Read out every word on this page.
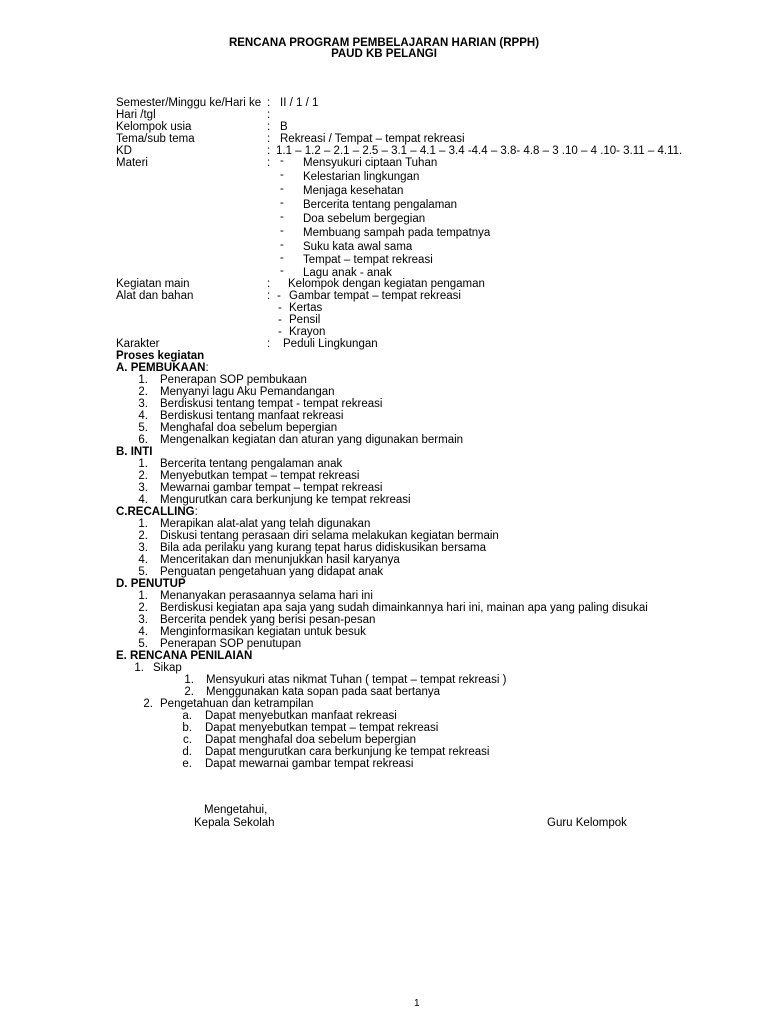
RENCANA PROGRAM PEMBELAJARAN HARIAN (RPPH)
PAUD KB PELANGI
Semester/Minggu ke/Hari ke : II / 1 / 1
Hari /tgl	:
Kelompok usia	: B
Tema/sub tema	: Rekreasi / Tempat – tempat rekreasi
KD	: 1.1 – 1.2 – 2.1 – 2.5 – 3.1 – 4.1 – 3.4 -4.4 – 3.8- 4.8 – 3 .10 – 4 .10- 3.11 – 4.11.
Materi	: - Mensyukuri ciptaan Tuhan
- Kelestarian lingkungan
- Menjaga kesehatan
- Bercerita tentang pengalaman
- Doa sebelum bergegian
- Membuang sampah pada tempatnya
- Suku kata awal sama
- Tempat – tempat rekreasi
- Lagu anak - anak
Kegiatan main	: Kelompok dengan kegiatan pengaman
Alat dan bahan	: - Gambar tempat – tempat rekreasi
- Kertas
- Pensil
- Krayon
Karakter	: Peduli Lingkungan
Proses kegiatan
A. PEMBUKAAN:
1. Penerapan SOP pembukaan
2. Menyanyi lagu Aku Pemandangan
3. Berdiskusi tentang tempat - tempat rekreasi
4. Berdiskusi tentang manfaat rekreasi
5. Menghafal doa sebelum bepergian
6. Mengenalkan kegiatan dan aturan yang digunakan bermain
B. INTI
1. Bercerita tentang pengalaman anak
2. Menyebutkan tempat – tempat rekreasi
3. Mewarnai gambar tempat – tempat rekreasi
4. Mengurutkan cara berkunjung ke tempat rekreasi
C.RECALLING:
1. Merapikan alat-alat yang telah digunakan
2. Diskusi tentang perasaan diri selama melakukan kegiatan bermain
3. Bila ada perilaku yang kurang tepat harus didiskusikan bersama
4. Menceritakan dan menunjukkan hasil karyanya
5. Penguatan pengetahuan yang didapat anak
D. PENUTUP
1. Menanyakan perasaannya selama hari ini
2. Berdiskusi kegiatan apa saja yang sudah dimainkannya hari ini, mainan apa yang paling disukai
3. Bercerita pendek yang berisi pesan-pesan
4. Menginformasikan kegiatan untuk besuk
5. Penerapan SOP penutupan
E. RENCANA PENILAIAN
1. Sikap
1. Mensyukuri atas nikmat Tuhan ( tempat – tempat rekreasi )
2. Menggunakan kata sopan pada saat bertanya
2. Pengetahuan dan ketrampilan
a. Dapat menyebutkan manfaat rekreasi
b. Dapat menyebutkan tempat – tempat rekreasi
c. Dapat menghafal doa sebelum bepergian
d. Dapat mengurutkan cara berkunjung ke tempat rekreasi
e. Dapat mewarnai gambar tempat rekreasi
Mengetahui,
Kepala Sekolah	Guru Kelompok
1
